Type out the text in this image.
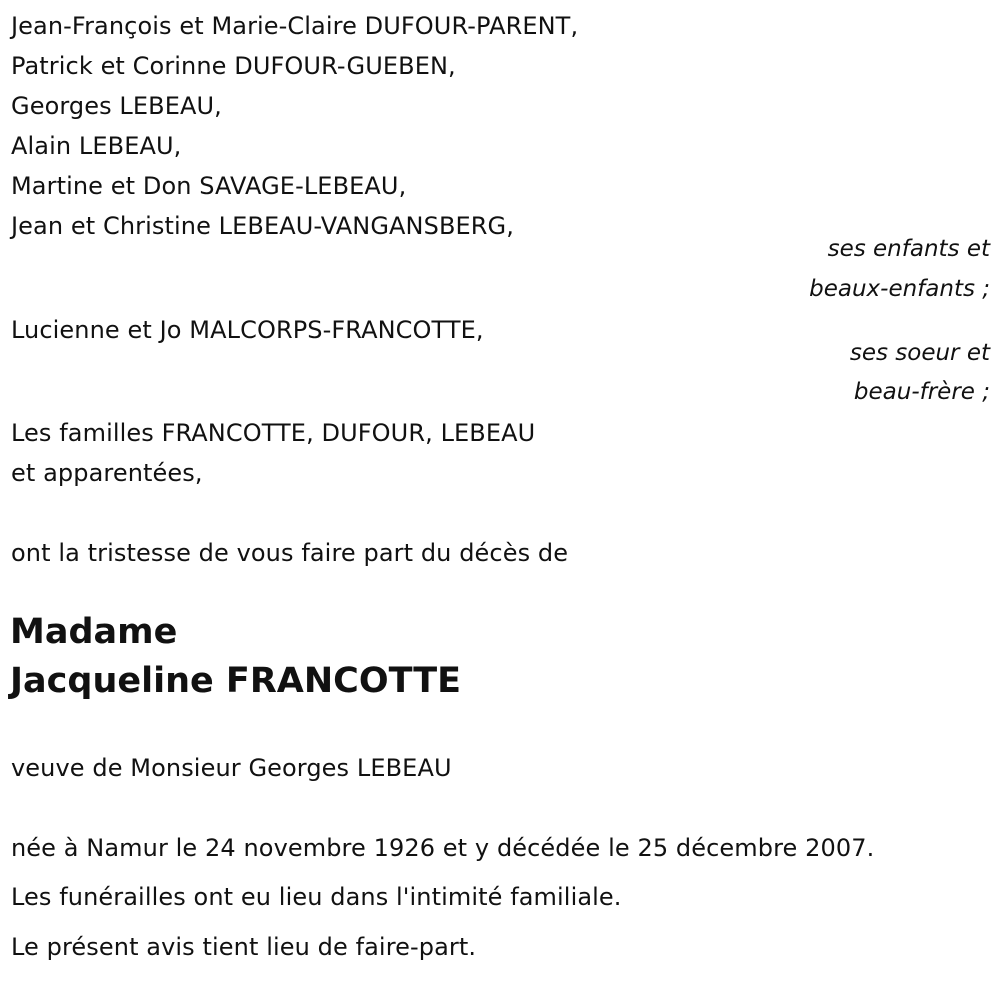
Jean-François et Marie-Claire DUFOUR-PARENT,
Patrick et Corinne DUFOUR-GUEBEN,
Georges LEBEAU,
Alain LEBEAU,
Martine et Don SAVAGE-LEBEAU,
Jean et Christine LEBEAU-VANGANSBERG,
ses enfants et
beaux-enfants ;
Lucienne et Jo MALCORPS-FRANCOTTE,
ses soeur et
beau-frère ;
Les familles FRANCOTTE, DUFOUR, LEBEAU
et apparentées,
ont la tristesse de vous faire part du décès de
Madame
Jacqueline FRANCOTTE
veuve de Monsieur Georges LEBEAU
née à Namur le 24 novembre 1926 et y décédée le 25 décembre 2007.
Les funérailles ont eu lieu dans l'intimité familiale.
Le présent avis tient lieu de faire-part.
